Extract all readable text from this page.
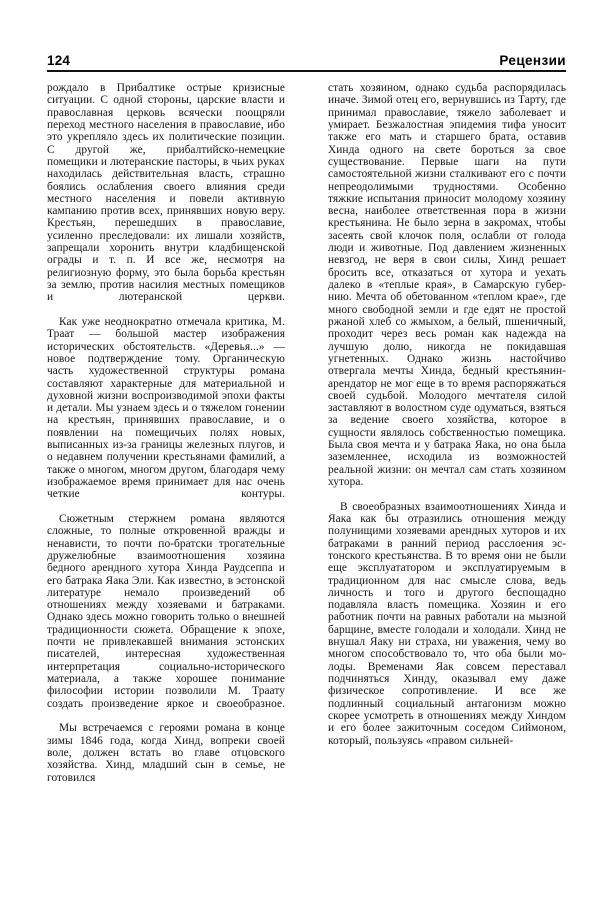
124	Рецензии

рождало в Прибалтике острые кризисные ситуации. С одной стороны, царские власти и православная церковь всячески поощряли переход местного населения в православие, ибо это укрепляло здесь их политические позиции. С другой же, прибалтийско-немецкие помещики и лютеранские пасторы, в чьих руках находилась действительная власть, страшно боялись ослабления своего влияния среди местного населения и повели активную кампанию против всех, принявших новую веру. Крестьян, перешедших в православие, усиленно преследовали: их лишали хозяйств, запрещали хоронить внутри кладбищенской ограды и т. п. И все же, несмотря на религиозную форму, это была борьба крестьян за землю, против насилия местных помещиков и лютеранской церкви.

Как уже неоднократно отмечала критика, М. Траат — большой мастер изображения исторических обстоятельств. «Деревья...» — новое подтверждение тому. Органическую часть художественной структуры романа составляют характерные для материальной и духовной жизни воспроизводимой эпохи факты и детали. Мы узнаем здесь и о тяжелом гонении на крестьян, принявших православие, и о появлении на помещичьих полях новых, выписанных из-за границы железных плугов, и о недавнем получении крестьянами фамилий, а также о многом, многом другом, благодаря чему изображаемое время принимает для нас очень четкие контуры.

Сюжетным стержнем романа являются сложные, то полные откровенной вражды и ненависти, то почти по-братски трогательные дружелюбные взаимоотношения хозяина бедного арендного хутора Хинда Раудсеппа и его батрака Яака Эли. Как известно, в эстонской литературе немало произведений об отношениях между хозяевами и батраками. Однако здесь можно говорить только о внешней традиционности сюжета. Обращение к эпохе, почти не привлекавшей внимания эстонских писателей, интересная художественная интерпретация социально-исторического материала, а также хорошее понимание философии истории позволили М. Траату создать произведение яркое и своеобразное.

Мы встречаемся с героями романа в конце зимы 1846 года, когда Хинд, вопреки своей воле, должен встать во главе отцовского хозяйства. Хинд, младший сын в семье, не готовился

стать хозяином, однако судьба распорядилась иначе. Зимой отец его, вернувшись из Тарту, где принимал православие, тяжело заболевает и умирает. Безжалостная эпидемия тифа уносит также его мать и старшего брата, оставив Хинда одного на свете бороться за свое существование. Первые шаги на пути самостоятельной жизни сталкивают его с почти непреодолимыми трудностями. Особенно тяжкие испытания приносит молодому хозяину весна, наиболее ответственная пора в жизни крестьянина. Не было зерна в закромах, чтобы засеять свой клочок поля, ослабли от голода люди и животные. Под давлением жизненных невзгод, не веря в свои силы, Хинд решает бросить все, отказаться от хутора и уехать далеко в «теплые края», в Самарскую губернию. Мечта об обетованном «теплом крае», где много свободной земли и где едят не простой ржаной хлеб со жмыхом, а белый, пшеничный, проходит через весь роман как надежда на лучшую долю, никогда не покидавшая угнетенных. Однако жизнь настойчиво отвергала мечты Хинда, бедный крестьянин-арендатор не мог еще в то время распоряжаться своей судьбой. Молодого мечтателя силой заставляют в волостном суде одуматься, взяться за ведение своего хозяйства, которое в сущности являлось собственностью помещика. Была своя мечта и у батрака Яака, но она была заземленнее, исходила из возможностей реальной жизни: он мечтал сам стать хозяином хутора.

В своеобразных взаимоотношениях Хинда и Яака как бы отразились отношения между полунищими хозяевами арендных хуторов и их батраками в ранний период расслоения эстонского крестьянства. В то время они не были еще эксплуататором и эксплуатируемым в традиционном для нас смысле слова, ведь личность и того и другого беспощадно подавляла власть помещика. Хозяин и его работник почти на равных работали на мызной барщине, вместе голодали и холодали. Хинд не внушал Яаку ни страха, ни уважения, чему во многом способствовало то, что оба были молоды. Временами Яак совсем переставал подчиняться Хинду, оказывал ему даже физическое сопротивление. И все же подлинный социальный антагонизм можно скорее усмотреть в отношениях между Хиндом и его более зажиточным соседом Сиймоном, который, пользуясь «правом сильней-
